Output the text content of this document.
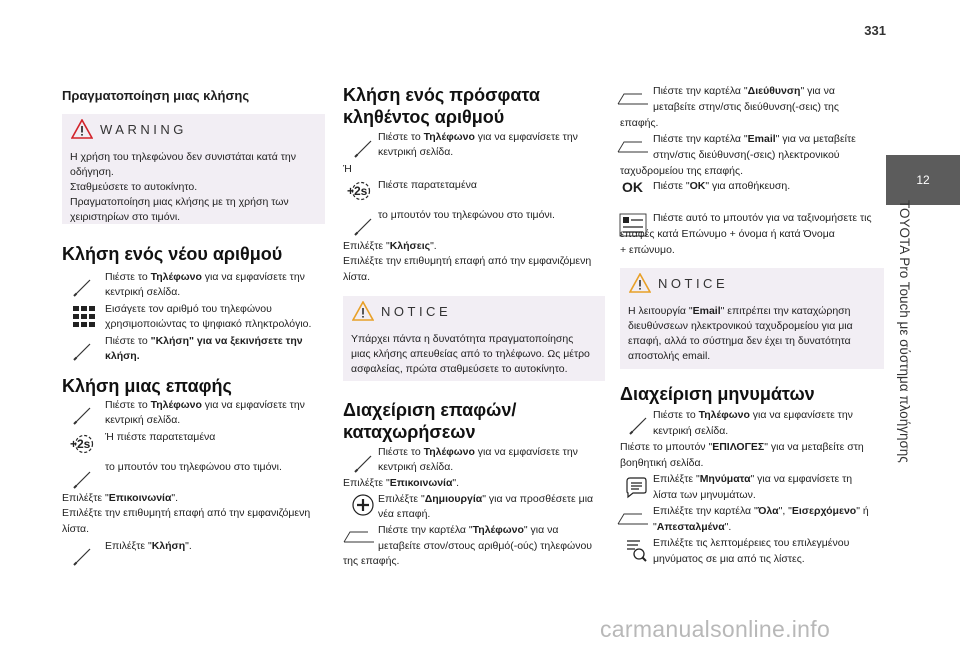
331
12
TOYOTA Pro Touch με σύστημα πλοήγησης
Πραγματοποίηση μιας κλήσης
WARNING
Η χρήση του τηλεφώνου δεν συνιστάται κατά την
οδήγηση.
Σταθμεύσετε το αυτοκίνητο.
Πραγματοποίηση μιας κλήσης με τη χρήση των
χειριστηρίων στο τιμόνι.
Κλήση ενός νέου αριθμού
Πιέστε το Τηλέφωνο για να εμφανίσετε την
κεντρική σελίδα.
Εισάγετε τον αριθμό του τηλεφώνου
χρησιμοποιώντας το ψηφιακό πληκτρολόγιο.
Πιέστε το "Κλήση" για να ξεκινήσετε την
κλήση.
Κλήση μιας επαφής
Πιέστε το Τηλέφωνο για να εμφανίσετε την
κεντρική σελίδα.
+2s Ή πιέστε παρατεταμένα
το μπουτόν του τηλεφώνου στο τιμόνι.
Επιλέξτε "Επικοινωνία".
Επιλέξτε την επιθυμητή επαφή από την εμφανιζόμενη
λίστα.
Επιλέξτε "Κλήση".
Κλήση ενός πρόσφατα
κληθέντος αριθμού
Πιέστε το Τηλέφωνο για να εμφανίσετε την
κεντρική σελίδα.
Ή
+2s Πιέστε παρατεταμένα
το μπουτόν του τηλεφώνου στο τιμόνι.
Επιλέξτε "Κλήσεις".
Επιλέξτε την επιθυμητή επαφή από την εμφανιζόμενη
λίστα.
NOTICE
Υπάρχει πάντα η δυνατότητα πραγματοποίησης
μιας κλήσης απευθείας από το τηλέφωνο. Ως μέτρο
ασφαλείας, πρώτα σταθμεύσετε το αυτοκίνητο.
Διαχείριση επαφών/
καταχωρήσεων
Πιέστε το Τηλέφωνο για να εμφανίσετε την
κεντρική σελίδα.
Επιλέξτε "Επικοινωνία".
Επιλέξτε "Δημιουργία" για να προσθέσετε μια
νέα επαφή.
Πιέστε την καρτέλα "Τηλέφωνο" για να
μεταβείτε στον/στους αριθμό(-ούς) τηλεφώνου
της επαφής.
Πιέστε την καρτέλα "Διεύθυνση" για να
μεταβείτε στην/στις διεύθυνση(-σεις) της
επαφής.
Πιέστε την καρτέλα "Email" για να μεταβείτε
στην/στις διεύθυνση(-σεις) ηλεκτρονικού
ταχυδρομείου της επαφής.
OK Πιέστε "OK" για αποθήκευση.
Πιέστε αυτό το μπουτόν για να ταξινομήσετε τις
επαφές κατά Επώνυμο + όνομα ή κατά Όνομα
+ επώνυμο.
NOTICE
Η λειτουργία "Email" επιτρέπει την καταχώρηση
διευθύνσεων ηλεκτρονικού ταχυδρομείου για μια
επαφή, αλλά το σύστημα δεν έχει τη δυνατότητα
αποστολής email.
Διαχείριση μηνυμάτων
Πιέστε το Τηλέφωνο για να εμφανίσετε την
κεντρική σελίδα.
Πιέστε το μπουτόν "ΕΠΙΛΟΓΕΣ" για να μεταβείτε στη
βοηθητική σελίδα.
Επιλέξτε "Μηνύματα" για να εμφανίσετε τη
λίστα των μηνυμάτων.
Επιλέξτε την καρτέλα "Όλα", "Εισερχόμενο" ή
"Απεσταλμένα".
Επιλέξτε τις λεπτομέρειες του επιλεγμένου
μηνύματος σε μια από τις λίστες.
carmanualsonline.info
